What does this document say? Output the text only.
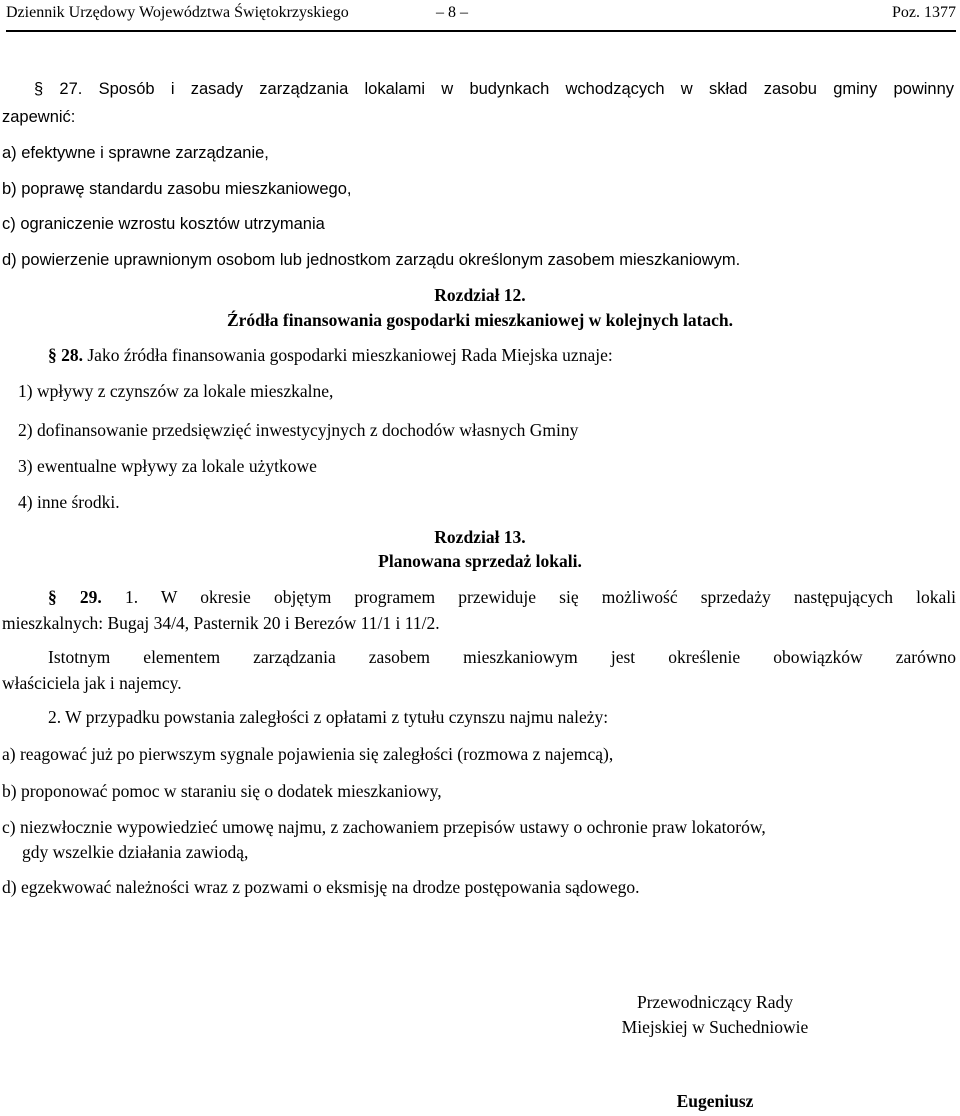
Dziennik Urzędowy Województwa Świętokrzyskiego	– 8 –	Poz. 1377
§ 27. Sposób i zasady zarządzania lokalami w budynkach wchodzących w skład zasobu gminy powinny
zapewnić:
a) efektywne i sprawne zarządzanie,
b) poprawę standardu zasobu mieszkaniowego,
c) ograniczenie wzrostu kosztów utrzymania
d) powierzenie uprawnionym osobom lub jednostkom zarządu określonym zasobem mieszkaniowym.
Rozdział 12.
Źródła finansowania gospodarki mieszkaniowej w kolejnych latach.
§ 28. Jako źródła finansowania gospodarki mieszkaniowej Rada Miejska uznaje:
1) wpływy z czynszów za lokale mieszkalne,
2) dofinansowanie przedsięwzięć inwestycyjnych z dochodów własnych Gminy
3) ewentualne wpływy za lokale użytkowe
4) inne środki.
Rozdział 13.
Planowana sprzedaż lokali.
§ 29. 1. W okresie objętym programem przewiduje się możliwość sprzedaży następujących lokali
mieszkalnych: Bugaj 34/4, Pasternik 20 i Berezów 11/1 i 11/2.
Istotnym elementem zarządzania zasobem mieszkaniowym jest określenie obowiązków zarówno
właściciela jak i najemcy.
2. W przypadku powstania zaległości z opłatami z tytułu czynszu najmu należy:
a) reagować już po pierwszym sygnale pojawienia się zaległości (rozmowa z najemcą),
b) proponować pomoc w staraniu się o dodatek mieszkaniowy,
c) niezwłocznie wypowiedzieć umowę najmu, z zachowaniem przepisów ustawy o ochronie praw lokatorów,
gdy wszelkie działania zawiodą,
d) egzekwować należności wraz z pozwami o eksmisję na drodze postępowania sądowego.
Przewodniczący Rady
Miejskiej w Suchedniowie
Eugeniusz
